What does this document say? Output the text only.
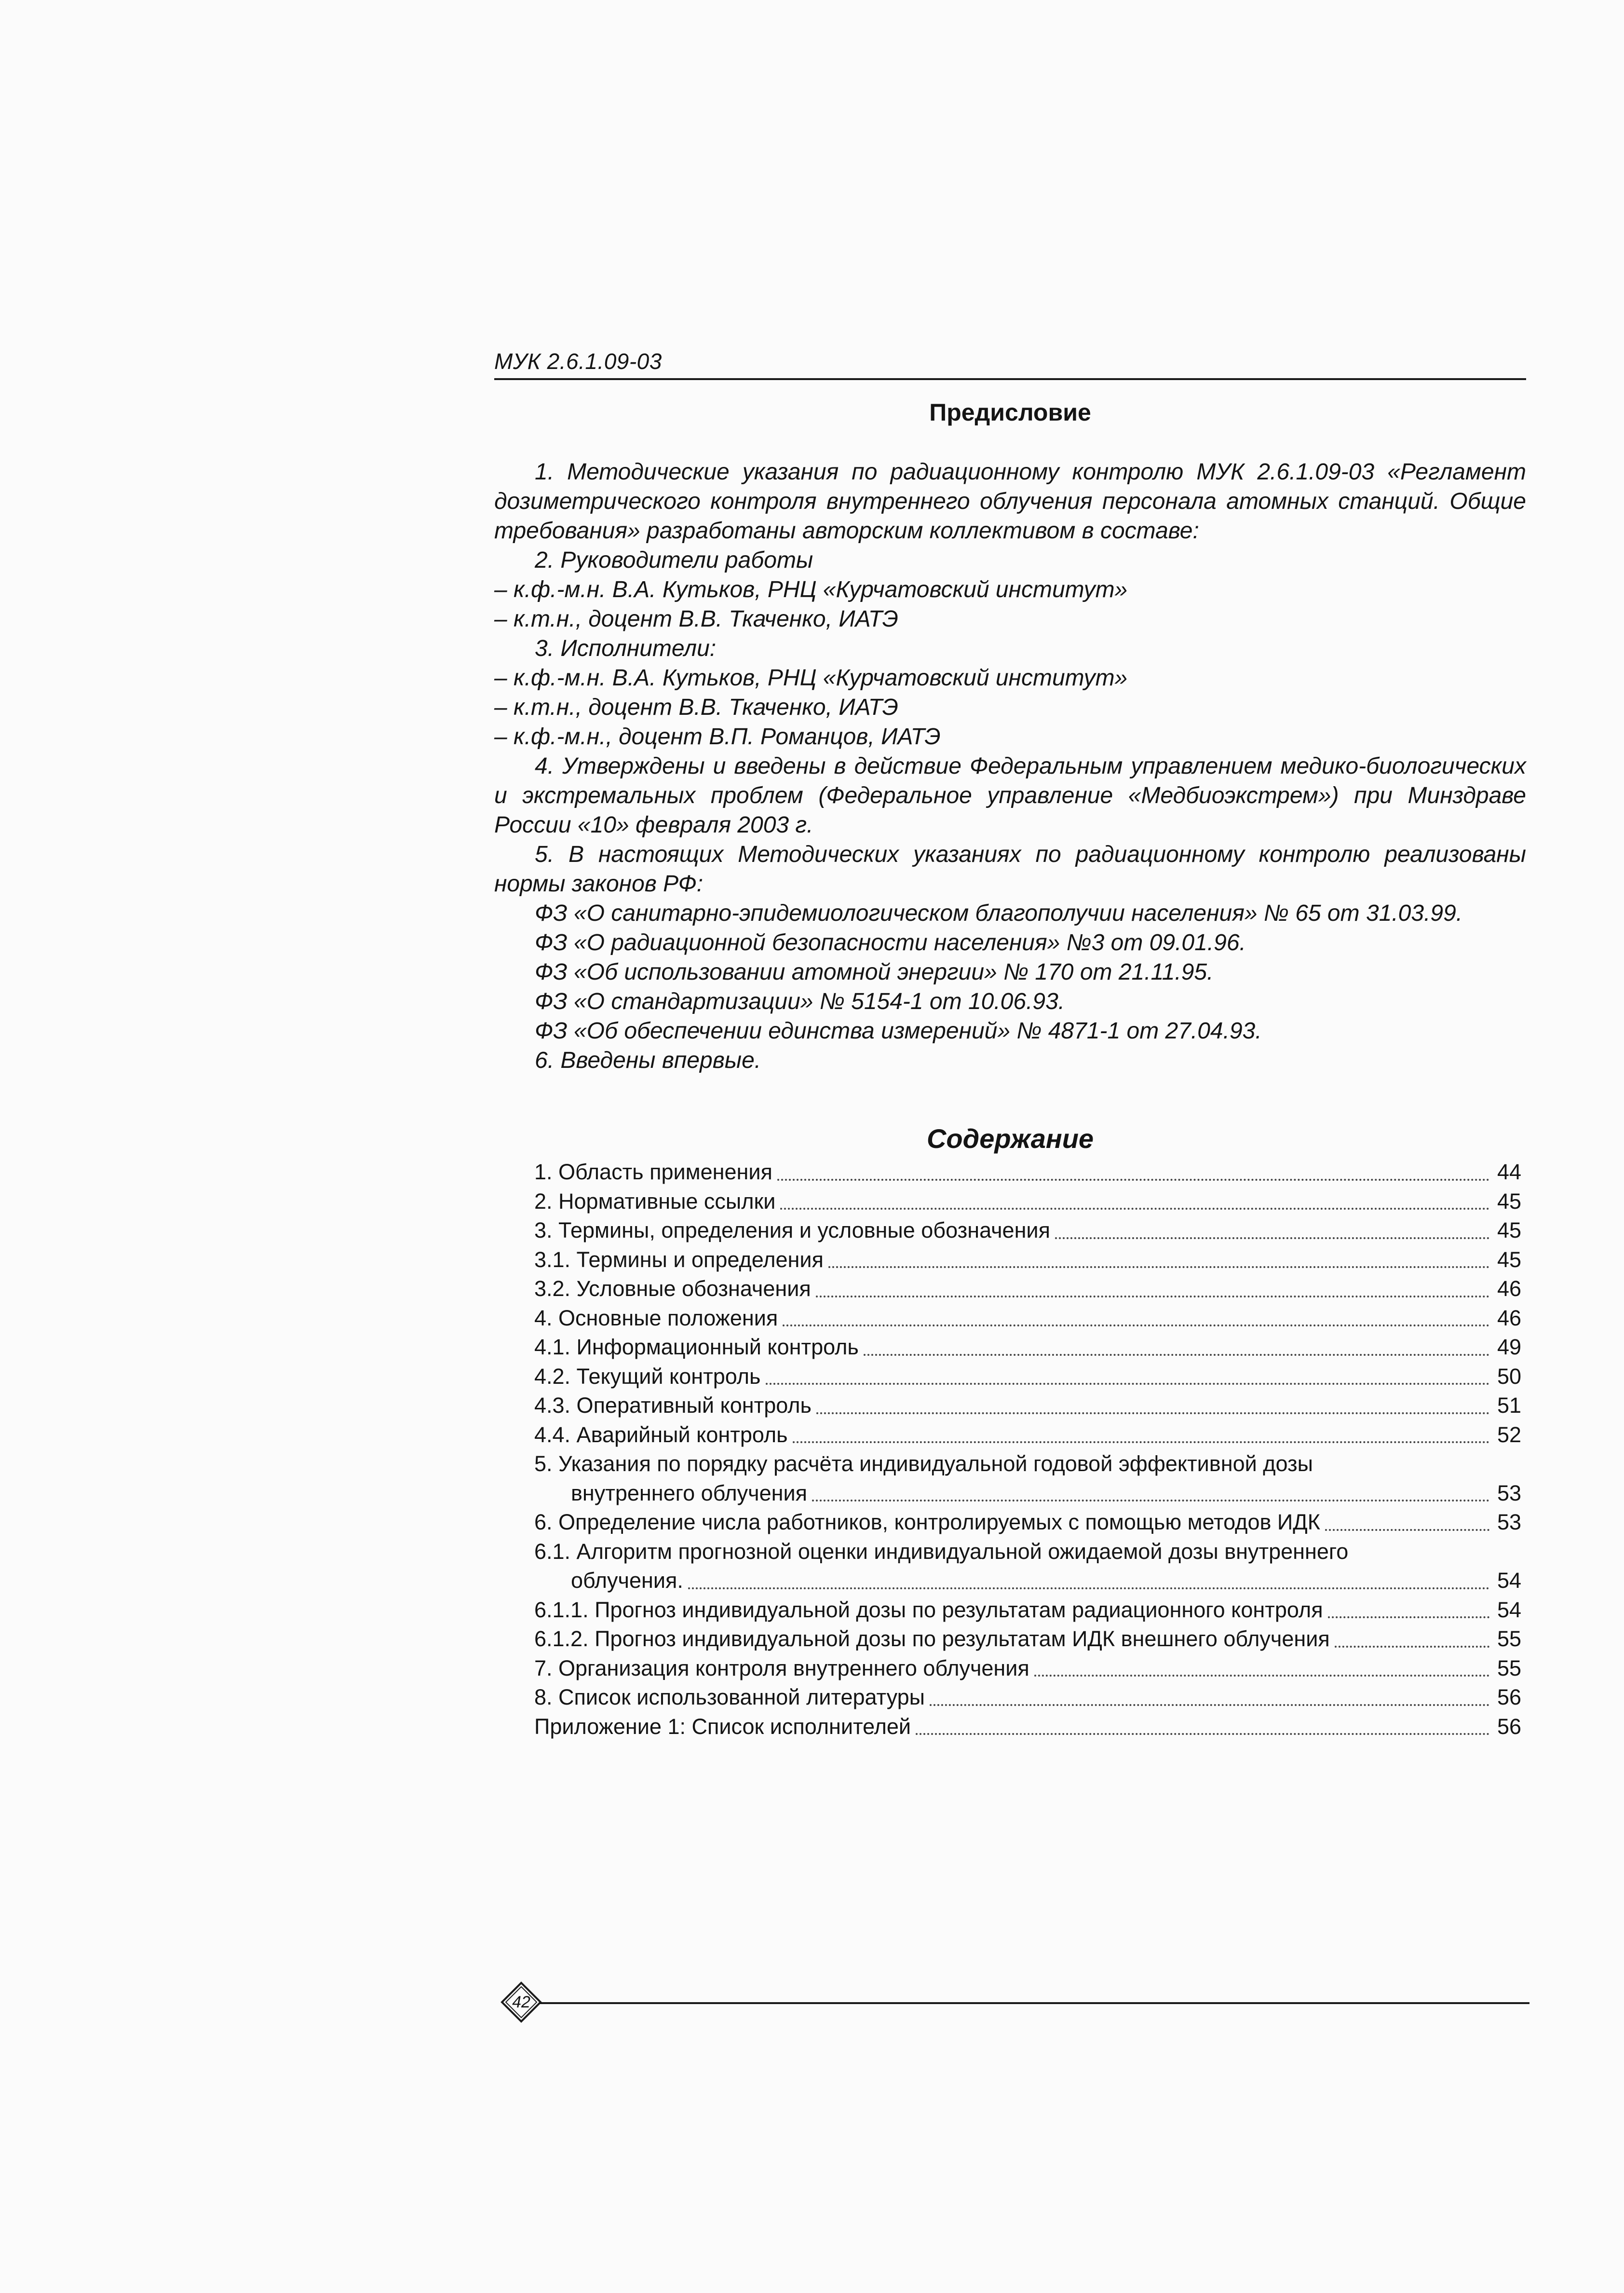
МУК 2.6.1.09-03
Предисловие

1. Методические указания по радиационному контролю МУК 2.6.1.09-03 «Регламент дозиметрического контроля внутреннего облучения персонала атомных станций. Общие требования» разработаны авторским коллективом в составе:

2. Руководители работы

– к.ф.-м.н. В.А. Кутьков, РНЦ «Курчатовский институт»

– к.т.н., доцент В.В. Ткаченко, ИАТЭ

3. Исполнители:

– к.ф.-м.н. В.А. Кутьков, РНЦ «Курчатовский институт»

– к.т.н., доцент В.В. Ткаченко, ИАТЭ

– к.ф.-м.н., доцент В.П. Романцов, ИАТЭ

4. Утверждены и введены в действие Федеральным управлением медико-биологических и экстремальных проблем (Федеральное управление «Медбиоэкстрем») при Минздраве России «10» февраля 2003 г.

5. В настоящих Методических указаниях по радиационному контролю реализованы нормы законов РФ:

ФЗ «О санитарно-эпидемиологическом благополучии населения» № 65 от 31.03.99.

ФЗ «О радиационной безопасности населения» №3 от 09.01.96.

ФЗ «Об использовании атомной энергии» № 170 от 21.11.95.

ФЗ «О стандартизации» № 5154-1 от 10.06.93.

ФЗ «Об обеспечении единства измерений» № 4871-1 от 27.04.93.

6. Введены впервые.

Содержание
1. Область применения	44
2. Нормативные ссылки	45
3. Термины, определения и условные обозначения	45
3.1. Термины и определения	45
3.2. Условные обозначения	46
4. Основные положения	46
4.1. Информационный контроль	49
4.2. Текущий контроль	50
4.3. Оперативный контроль	51
4.4. Аварийный контроль	52
5. Указания по порядку расчёта индивидуальной годовой эффективной дозы
внутреннего облучения	53
6. Определение числа работников, контролируемых с помощью методов ИДК	53
6.1. Алгоритм прогнозной оценки индивидуальной ожидаемой дозы внутреннего
облучения.	54
6.1.1. Прогноз индивидуальной дозы по результатам радиационного контроля	54
6.1.2. Прогноз индивидуальной дозы по результатам ИДК внешнего облучения	55
7. Организация контроля внутреннего облучения	55
8. Список использованной литературы	56
Приложение 1: Список исполнителей	56
42
